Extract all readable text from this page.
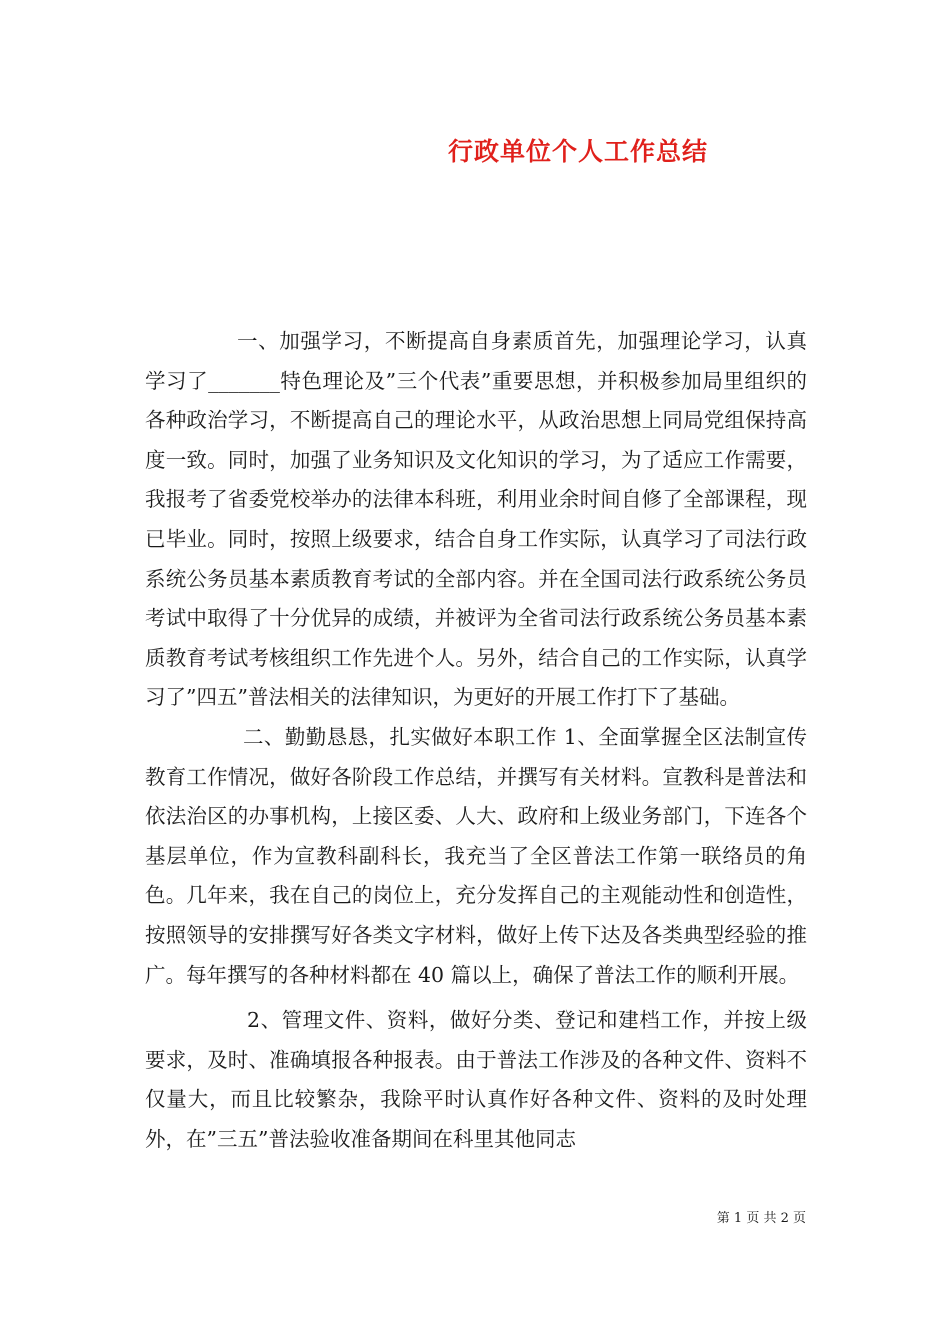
行政单位个人工作总结

一、加强学习，不断提高自身素质首先，加强理论学习，认真学习了_______特色理论及”三个代表”重要思想，并积极参加局里组织的各种政治学习，不断提高自己的理论水平，从政治思想上同局党组保持高度一致。同时，加强了业务知识及文化知识的学习，为了适应工作需要，我报考了省委党校举办的法律本科班，利用业余时间自修了全部课程，现已毕业。同时，按照上级要求，结合自身工作实际，认真学习了司法行政系统公务员基本素质教育考试的全部内容。并在全国司法行政系统公务员考试中取得了十分优异的成绩，并被评为全省司法行政系统公务员基本素质教育考试考核组织工作先进个人。另外，结合自己的工作实际，认真学习了”四五”普法相关的法律知识，为更好的开展工作打下了基础。

二、勤勤恳恳，扎实做好本职工作 1、全面掌握全区法制宣传教育工作情况，做好各阶段工作总结，并撰写有关材料。宣教科是普法和依法治区的办事机构，上接区委、人大、政府和上级业务部门，下连各个基层单位，作为宣教科副科长，我充当了全区普法工作第一联络员的角色。几年来，我在自己的岗位上，充分发挥自己的主观能动性和创造性，按照领导的安排撰写好各类文字材料，做好上传下达及各类典型经验的推广。每年撰写的各种材料都在 40 篇以上，确保了普法工作的顺利开展。

2、管理文件、资料，做好分类、登记和建档工作，并按上级要求，及时、准确填报各种报表。由于普法工作涉及的各种文件、资料不仅量大，而且比较繁杂，我除平时认真作好各种文件、资料的及时处理外，在”三五”普法验收准备期间在科里其他同志

第 1 页 共 2 页
